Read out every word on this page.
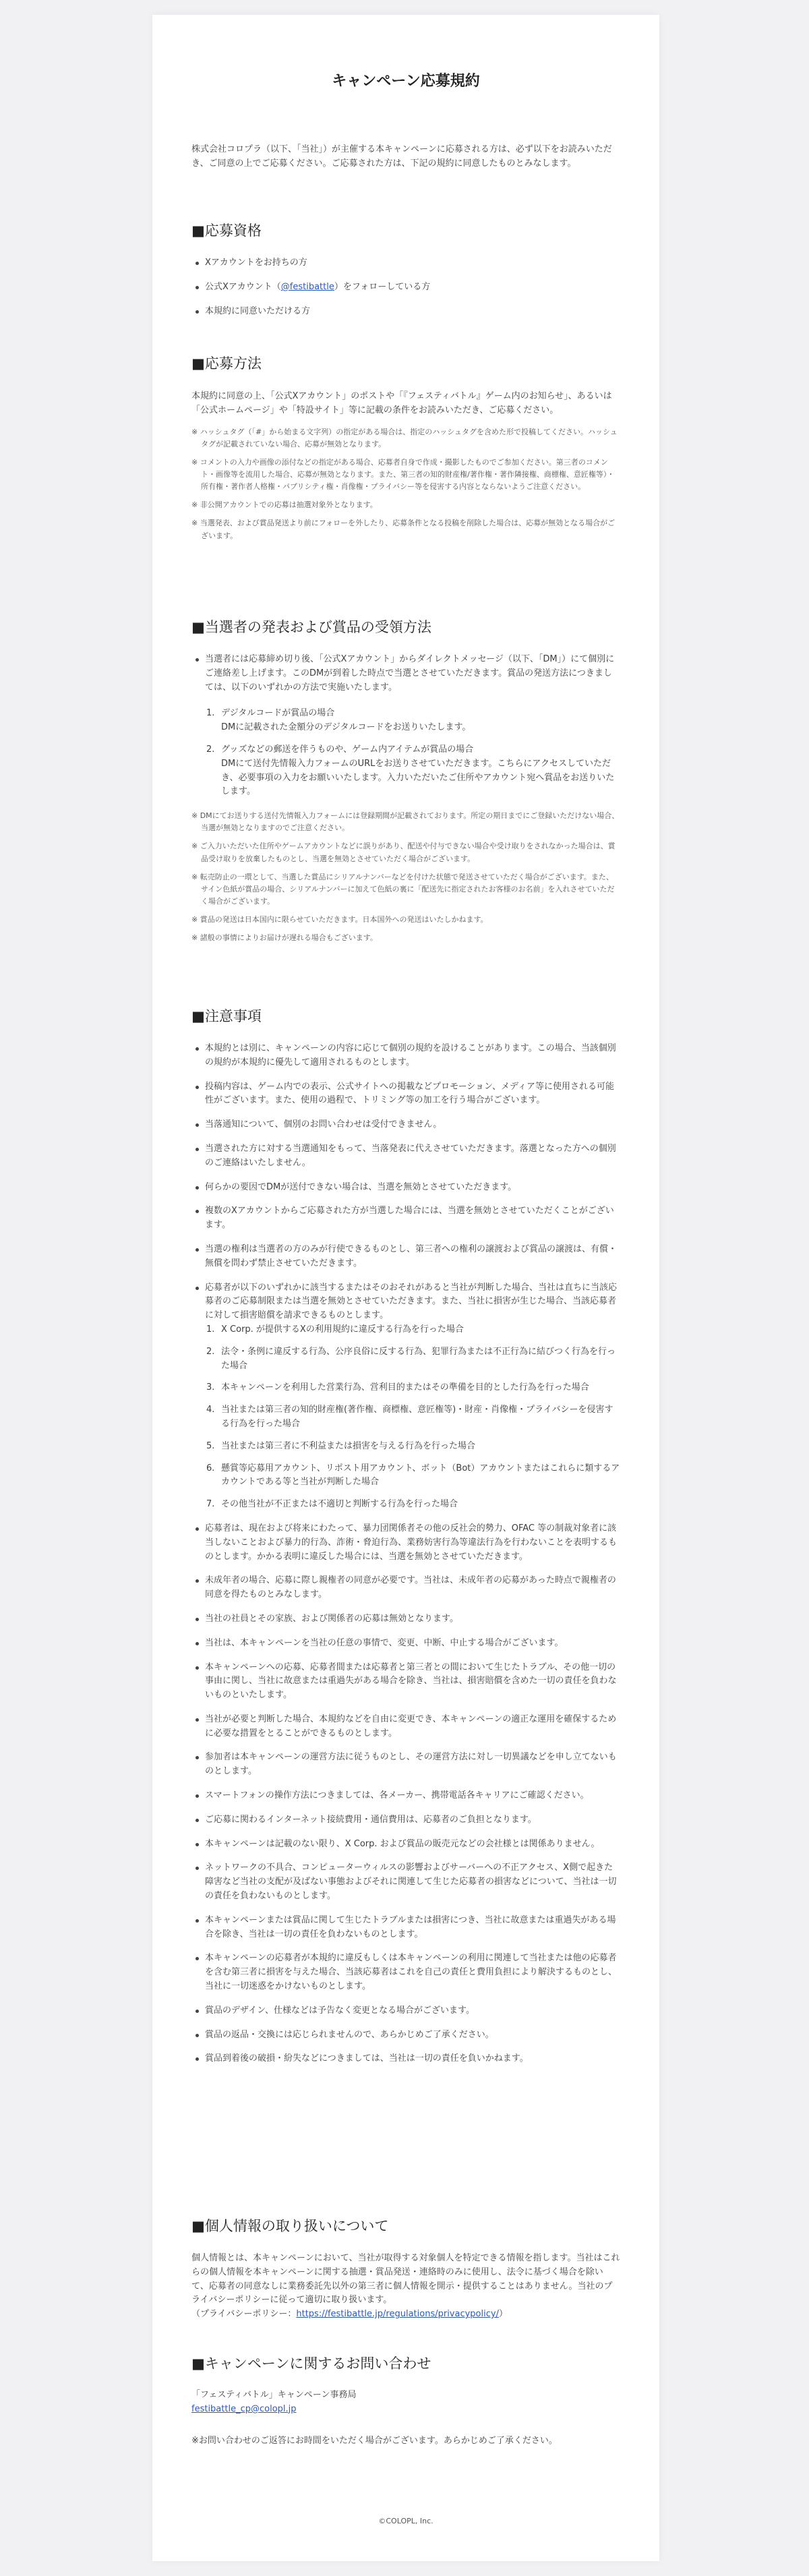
キャンペーン応募規約

株式会社コロプラ（以下、「当社」）が主催する本キャンペーンに応募される方は、必ず以下をお読みいただき、ご同意の上でご応募ください。ご応募された方は、下記の規約に同意したものとみなします。

■応募資格
Xアカウントをお持ちの方
公式Xアカウント（@festibattle）をフォローしている方
本規約に同意いただける方
■応募方法

本規約に同意の上、「公式Xアカウント」のポストや「『フェスティバトル』ゲーム内のお知らせ」、あるいは「公式ホームページ」や「特設サイト」等に記載の条件をお読みいただき、ご応募ください。

※ ハッシュタグ（「#」から始まる文字列）の指定がある場合は、指定のハッシュタグを含めた形で投稿してください。ハッシュタグが記載されていない場合、応募が無効となります。

※ コメントの入力や画像の添付などの指定がある場合、応募者自身で作成・撮影したものでご参加ください。第三者のコメント・画像等を流用した場合、応募が無効となります。また、第三者の知的財産権/著作権・著作隣接権、商標権、意匠権等）・所有権・著作者人格権・パブリシティ権・肖像権・プライバシー等を侵害する内容とならないようご注意ください。

※ 非公開アカウントでの応募は抽選対象外となります。

※ 当選発表、および賞品発送より前にフォローを外したり、応募条件となる投稿を削除した場合は、応募が無効となる場合がございます。

■当選者の発表および賞品の受領方法
当選者には応募締め切り後、「公式Xアカウント」からダイレクトメッセージ（以下、「DM」）にて個別にご連絡差し上げます。このDMが到着した時点で当選とさせていただきます。賞品の発送方法につきましては、以下のいずれかの方法で実施いたします。
1. デジタルコードが賞品の場合
DMに記載された金額分のデジタルコードをお送りいたします。
2. グッズなどの郵送を伴うものや、ゲーム内アイテムが賞品の場合
DMにて送付先情報入力フォームのURLをお送りさせていただきます。こちらにアクセスしていただき、必要事項の入力をお願いいたします。入力いただいたご住所やアカウント宛へ賞品をお送りいたします。

※ DMにてお送りする送付先情報入力フォームには登録期間が記載されております。所定の期日までにご登録いただけない場合、当選が無効となりますのでご注意ください。

※ ご入力いただいた住所やゲームアカウントなどに誤りがあり、配送や付与できない場合や受け取りをされなかった場合は、賞品受け取りを放棄したものとし、当選を無効とさせていただく場合がございます。

※ 転売防止の一環として、当選した賞品にシリアルナンバーなどを付けた状態で発送させていただく場合がございます。また、サイン色紙が賞品の場合、シリアルナンバーに加えて色紙の裏に「配送先に指定されたお客様のお名前」を入れさせていただく場合がございます。

※ 賞品の発送は日本国内に限らせていただきます。日本国外への発送はいたしかねます。

※ 諸般の事情によりお届けが遅れる場合もございます。

■注意事項
本規約とは別に、キャンペーンの内容に応じて個別の規約を設けることがあります。この場合、当該個別の規約が本規約に優先して適用されるものとします。
投稿内容は、ゲーム内での表示、公式サイトへの掲載などプロモーション、メディア等に使用される可能性がございます。また、使用の過程で、トリミング等の加工を行う場合がございます。
当落通知について、個別のお問い合わせは受付できません。
当選された方に対する当選通知をもって、当落発表に代えさせていただきます。落選となった方への個別のご連絡はいたしません。
何らかの要因でDMが送付できない場合は、当選を無効とさせていただきます。
複数のXアカウントからご応募された方が当選した場合には、当選を無効とさせていただくことがございます。
当選の権利は当選者の方のみが行使できるものとし、第三者への権利の譲渡および賞品の譲渡は、有償・無償を問わず禁止させていただきます。
応募者が以下のいずれかに該当するまたはそのおそれがあると当社が判断した場合、当社は直ちに当該応募者のご応募制限または当選を無効とさせていただきます。また、当社に損害が生じた場合、当該応募者に対して損害賠償を請求できるものとします。
1. X Corp. が提供するXの利用規約に違反する行為を行った場合
2. 法令・条例に違反する行為、公序良俗に反する行為、犯罪行為または不正行為に結びつく行為を行った場合
3. 本キャンペーンを利用した営業行為、営利目的またはその準備を目的とした行為を行った場合
4. 当社または第三者の知的財産権(著作権、商標権、意匠権等)・財産・肖像権・プライバシーを侵害する行為を行った場合
5. 当社または第三者に不利益または損害を与える行為を行った場合
6. 懸賞等応募用アカウント、リポスト用アカウント、ボット（Bot）アカウントまたはこれらに類するアカウントである等と当社が判断した場合
7. その他当社が不正または不適切と判断する行為を行った場合
応募者は、現在および将来にわたって、暴力団関係者その他の反社会的勢力、OFAC 等の制裁対象者に該当しないことおよび暴力的行為、詐術・脅迫行為、業務妨害行為等違法行為を行わないことを表明するものとします。かかる表明に違反した場合には、当選を無効とさせていただきます。
未成年者の場合、応募に際し親権者の同意が必要です。当社は、未成年者の応募があった時点で親権者の同意を得たものとみなします。
当社の社員とその家族、および関係者の応募は無効となります。
当社は、本キャンペーンを当社の任意の事情で、変更、中断、中止する場合がございます。
本キャンペーンへの応募、応募者間または応募者と第三者との間において生じたトラブル、その他一切の事由に関し、当社に故意または重過失がある場合を除き、当社は、損害賠償を含めた一切の責任を負わないものといたします。
当社が必要と判断した場合、本規約などを自由に変更でき、本キャンペーンの適正な運用を確保するために必要な措置をとることができるものとします。
参加者は本キャンペーンの運営方法に従うものとし、その運営方法に対し一切異議などを申し立てないものとします。
スマートフォンの操作方法につきましては、各メーカー、携帯電話各キャリアにご確認ください。
ご応募に関わるインターネット接続費用・通信費用は、応募者のご負担となります。
本キャンペーンは記載のない限り、X Corp. および賞品の販売元などの会社様とは関係ありません。
ネットワークの不具合、コンピューターウィルスの影響およびサーバーへの不正アクセス、X側で起きた障害など当社の支配が及ばない事態およびそれに関連して生じた応募者の損害などについて、当社は一切の責任を負わないものとします。
本キャンペーンまたは賞品に関して生じたトラブルまたは損害につき、当社に故意または重過失がある場合を除き、当社は一切の責任を負わないものとします。
本キャンペーンの応募者が本規約に違反もしくは本キャンペーンの利用に関連して当社または他の応募者を含む第三者に損害を与えた場合、当該応募者はこれを自己の責任と費用負担により解決するものとし、当社に一切迷惑をかけないものとします。
賞品のデザイン、仕様などは予告なく変更となる場合がございます。
賞品の返品・交換には応じられませんので、あらかじめご了承ください。
賞品到着後の破損・紛失などにつきましては、当社は一切の責任を負いかねます。
■個人情報の取り扱いについて

個人情報とは、本キャンペーンにおいて、当社が取得する対象個人を特定できる情報を指します。当社はこれらの個人情報を本キャンペーンに関する抽選・賞品発送・連絡時のみに使用し、法令に基づく場合を除いて、応募者の同意なしに業務委託先以外の第三者に個人情報を開示・提供することはありません。当社のプライバシーポリシーに従って適切に取り扱います。

（プライバシーポリシー：https://festibattle.jp/regulations/privacypolicy/）

■キャンペーンに関するお問い合わせ

「フェスティバトル」キャンペーン事務局

festibattle_cp@colopl.jp

※お問い合わせのご返答にお時間をいただく場合がございます。あらかじめご了承ください。

©COLOPL, Inc.
